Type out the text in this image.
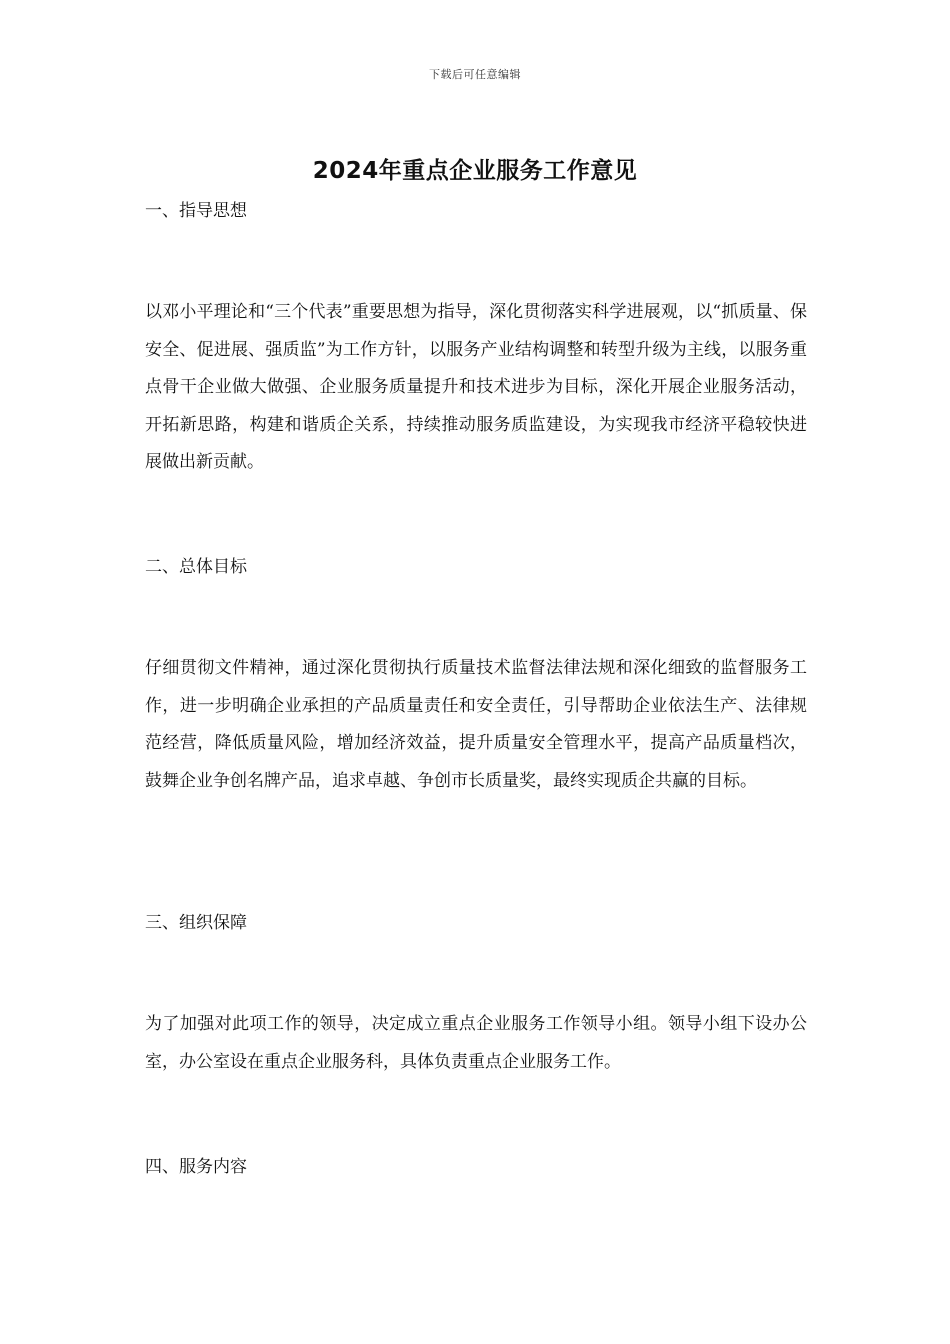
下载后可任意编辑
2024年重点企业服务工作意见
一、指导思想
以邓小平理论和“三个代表”重要思想为指导，深化贯彻落实科学进展观，以“抓质量、保安全、促进展、强质监”为工作方针，以服务产业结构调整和转型升级为主线，以服务重点骨干企业做大做强、企业服务质量提升和技术进步为目标，深化开展企业服务活动，开拓新思路，构建和谐质企关系，持续推动服务质监建设，为实现我市经济平稳较快进展做出新贡献。
二、总体目标
仔细贯彻文件精神，通过深化贯彻执行质量技术监督法律法规和深化细致的监督服务工作，进一步明确企业承担的产品质量责任和安全责任，引导帮助企业依法生产、法律规范经营，降低质量风险，增加经济效益，提升质量安全管理水平，提高产品质量档次，鼓舞企业争创名牌产品，追求卓越、争创市长质量奖，最终实现质企共赢的目标。
三、组织保障
为了加强对此项工作的领导，决定成立重点企业服务工作领导小组。领导小组下设办公室，办公室设在重点企业服务科，具体负责重点企业服务工作。
四、服务内容
